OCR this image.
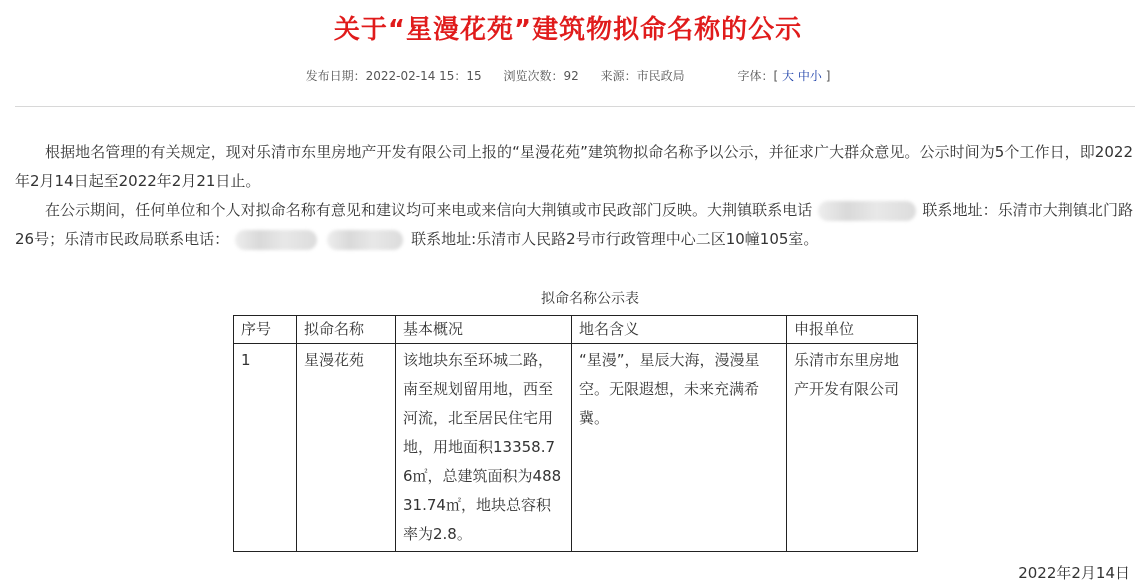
关于“星漫花苑”建筑物拟命名称的公示
发布日期：2022-02-14 15：15 浏览次数：92 来源：市民政局	字体：[ 大 中小 ]

根据地名管理的有关规定，现对乐清市东里房地产开发有限公司上报的“星漫花苑”建筑物拟命名称予以公示，并征求广大群众意见。公示时间为5个工作日，即2022年2月14日起至2022年2月21日止。

在公示期间，任何单位和个人对拟命名称有意见和建议均可来电或来信向大荆镇或市民政部门反映。大荆镇联系电话	联系地址：乐清市大荆镇北门路26号；乐清市民政局联系电话：	联系地址:乐清市人民路2号市行政管理中心二区10幢105室。

拟命名称公示表
序号	拟命名称	基本概况	地名含义	申报单位
1	星漫花苑	该地块东至环城二路，南至规划留用地，西至河流，北至居民住宅用地，用地面积13358.76㎡，总建筑面积为48831.74㎡，地块总容积率为2.8。	“星漫”，星辰大海，漫漫星空。无限遐想，未来充满希冀。	乐清市东里房地产开发有限公司
2022年2月14日
